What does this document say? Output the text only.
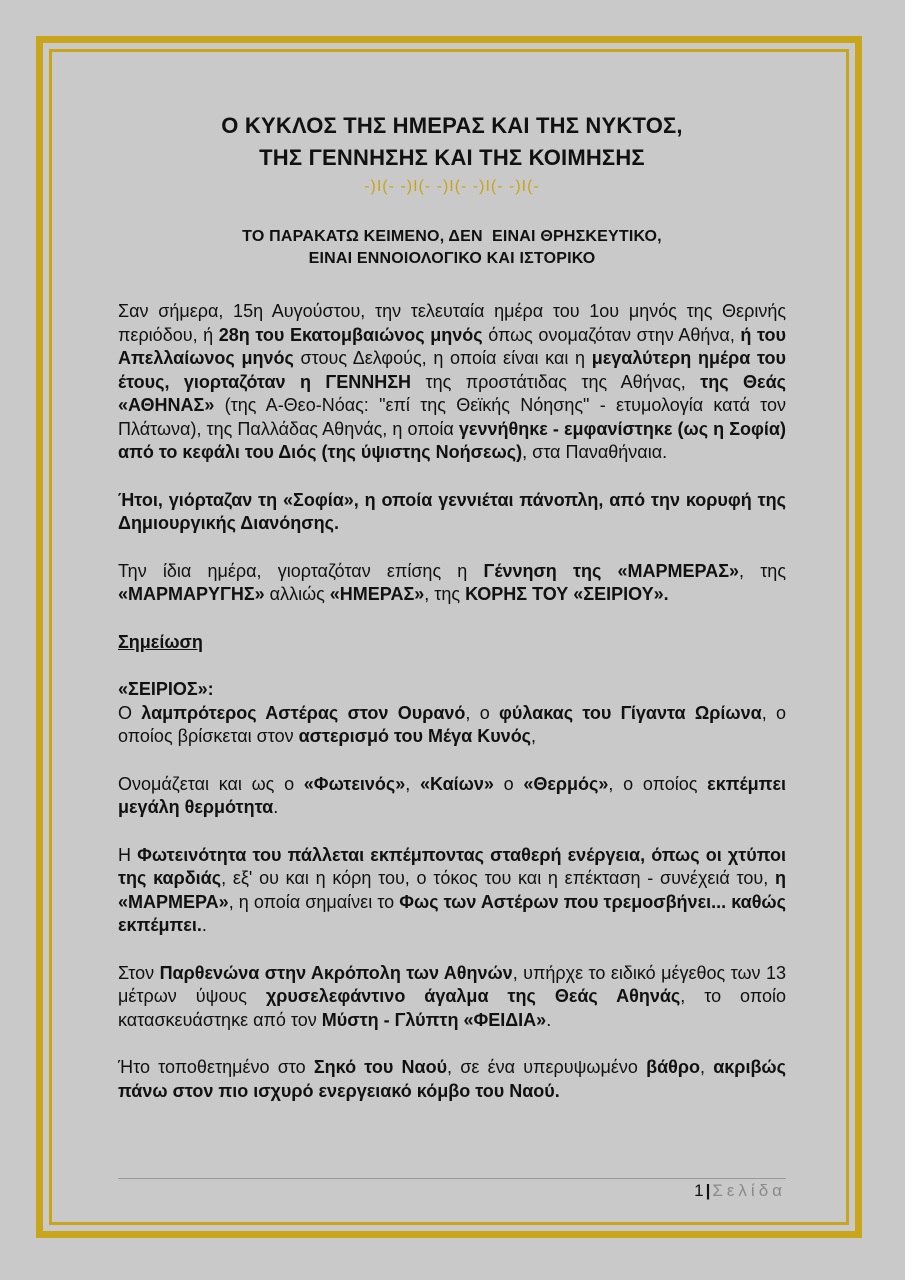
Ο ΚΥΚΛΟΣ ΤΗΣ ΗΜΕΡΑΣ ΚΑΙ ΤΗΣ ΝΥΚΤΟΣ,
ΤΗΣ ΓΕΝΝΗΣΗΣ ΚΑΙ ΤΗΣ ΚΟΙΜΗΣΗΣ
-)I(- -)I(- -)I(- -)I(- -)I(-
ΤΟ ΠΑΡΑΚΑΤΩ ΚΕΙΜΕΝΟ, ΔΕΝ  ΕΙΝΑΙ ΘΡΗΣΚΕΥΤΙΚΟ,
ΕΙΝΑΙ ΕΝΝΟΙΟΛΟΓΙΚΟ ΚΑΙ ΙΣΤΟΡΙΚΟ

Σαν σήμερα, 15η Αυγούστου, την τελευταία ημέρα του 1ου μηνός της Θερινής περιόδου, ή 28η του Εκατομβαιώνος μηνός όπως ονομαζόταν στην Αθήνα, ή του Απελλαίωνος μηνός στους Δελφούς, η οποία είναι και η μεγαλύτερη ημέρα του έτους, γιορταζόταν η ΓΕΝΝΗΣΗ της προστάτιδας της Αθήνας, της Θεάς «ΑΘΗΝΑΣ» (της Α-Θεο-Νόας: "επί της Θεϊκής Νόησης" - ετυμολογία κατά τον Πλάτωνα), της Παλλάδας Αθηνάς, η οποία γεννήθηκε - εμφανίστηκε (ως η Σοφία) από το κεφάλι του Διός (της ύψιστης Νοήσεως), στα Παναθήναια.

Ήτοι, γιόρταζαν τη «Σοφία», η οποία γεννιέται πάνοπλη, από την κορυφή της Δημιουργικής Διανόησης.

Την ίδια ημέρα, γιορταζόταν επίσης η Γέννηση της «ΜΑΡΜΕΡΑΣ», της «ΜΑΡΜΑΡΥΓΗΣ» αλλιώς «ΗΜΕΡΑΣ», της ΚΟΡΗΣ ΤΟΥ «ΣΕΙΡΙΟΥ».

Σημείωση

«ΣΕΙΡΙΟΣ»:
Ο λαμπρότερος Αστέρας στον Ουρανό, ο φύλακας του Γίγαντα Ωρίωνα, ο οποίος βρίσκεται στον αστερισμό του Μέγα Κυνός,

Ονομάζεται και ως ο «Φωτεινός», «Καίων» ο «Θερμός», ο οποίος εκπέμπει μεγάλη θερμότητα.

Η Φωτεινότητα του πάλλεται εκπέμποντας σταθερή ενέργεια, όπως οι χτύποι της καρδιάς, εξ' ου και η κόρη του, ο τόκος του και η επέκταση - συνέχειά του, η «ΜΑΡΜΕΡΑ», η οποία σημαίνει το Φως των Αστέρων που τρεμοσβήνει... καθώς εκπέμπει..

Στον Παρθενώνα στην Ακρόπολη των Αθηνών, υπήρχε το ειδικό μέγεθος των 13 μέτρων ύψους χρυσελεφάντινο άγαλμα της Θεάς Αθηνάς, το οποίο κατασκευάστηκε από τον Μύστη - Γλύπτη «ΦΕΙΔΙΑ».

Ήτο τοποθετημένο στο Σηκό του Ναού, σε ένα υπερυψωμένο βάθρο, ακριβώς πάνω στον πιο ισχυρό ενεργειακό κόμβο του Ναού.

1 | Σελίδα
